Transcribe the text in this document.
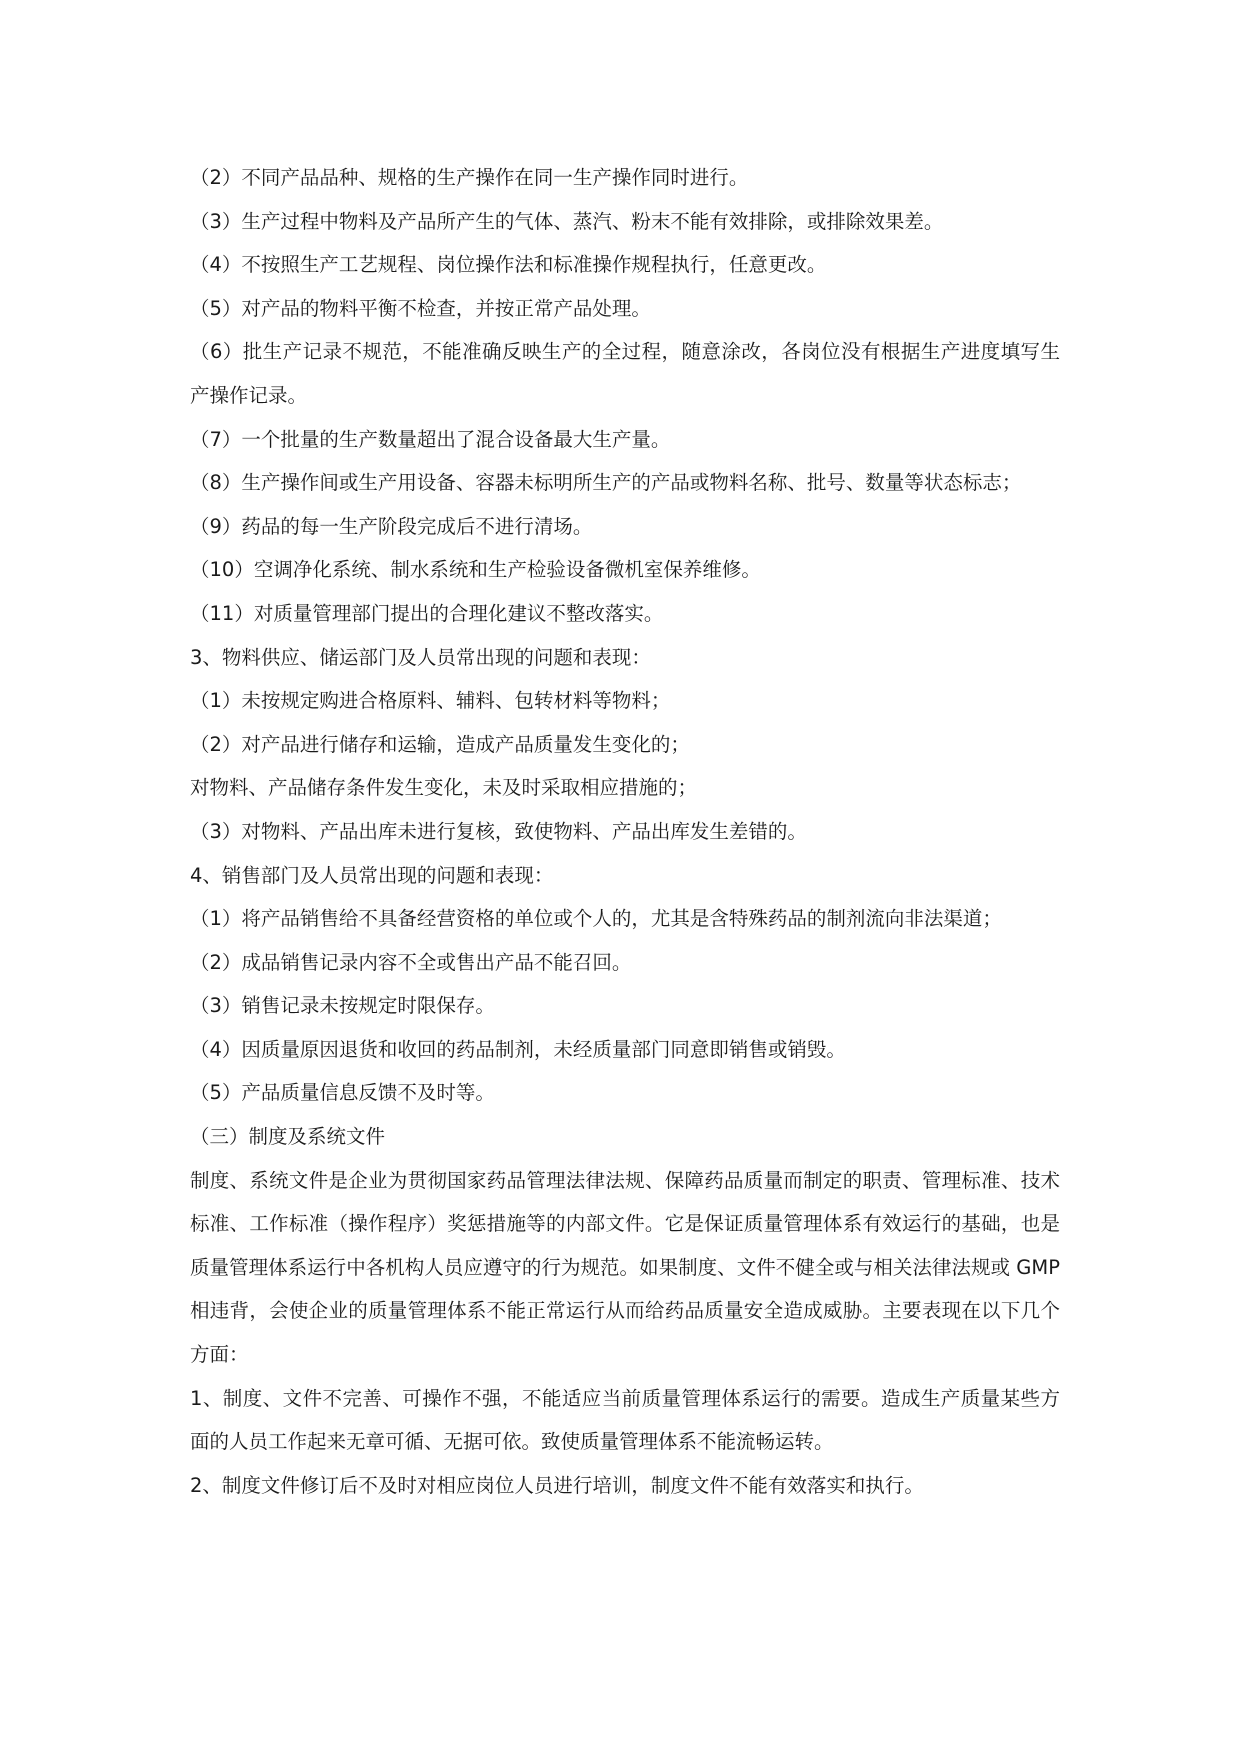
（2）不同产品品种、规格的生产操作在同一生产操作同时进行。

（3）生产过程中物料及产品所产生的气体、蒸汽、粉末不能有效排除，或排除效果差。

（4）不按照生产工艺规程、岗位操作法和标准操作规程执行，任意更改。

（5）对产品的物料平衡不检查，并按正常产品处理。

（6）批生产记录不规范，不能准确反映生产的全过程，随意涂改，各岗位没有根据生产进度填写生产操作记录。

（7）一个批量的生产数量超出了混合设备最大生产量。

（8）生产操作间或生产用设备、容器未标明所生产的产品或物料名称、批号、数量等状态标志；

（9）药品的每一生产阶段完成后不进行清场。

（10）空调净化系统、制水系统和生产检验设备微机室保养维修。

（11）对质量管理部门提出的合理化建议不整改落实。

3、物料供应、储运部门及人员常出现的问题和表现：

（1）未按规定购进合格原料、辅料、包转材料等物料；

（2）对产品进行储存和运输，造成产品质量发生变化的；

对物料、产品储存条件发生变化，未及时采取相应措施的；

（3）对物料、产品出库未进行复核，致使物料、产品出库发生差错的。

4、销售部门及人员常出现的问题和表现：

（1）将产品销售给不具备经营资格的单位或个人的，尤其是含特殊药品的制剂流向非法渠道；

（2）成品销售记录内容不全或售出产品不能召回。

（3）销售记录未按规定时限保存。

（4）因质量原因退货和收回的药品制剂，未经质量部门同意即销售或销毁。

（5）产品质量信息反馈不及时等。

（三）制度及系统文件

制度、系统文件是企业为贯彻国家药品管理法律法规、保障药品质量而制定的职责、管理标准、技术标准、工作标准（操作程序）奖惩措施等的内部文件。它是保证质量管理体系有效运行的基础，也是质量管理体系运行中各机构人员应遵守的行为规范。如果制度、文件不健全或与相关法律法规或 GMP 相违背，会使企业的质量管理体系不能正常运行从而给药品质量安全造成威胁。主要表现在以下几个方面：

1、制度、文件不完善、可操作不强，不能适应当前质量管理体系运行的需要。造成生产质量某些方面的人员工作起来无章可循、无据可依。致使质量管理体系不能流畅运转。

2、制度文件修订后不及时对相应岗位人员进行培训，制度文件不能有效落实和执行。
